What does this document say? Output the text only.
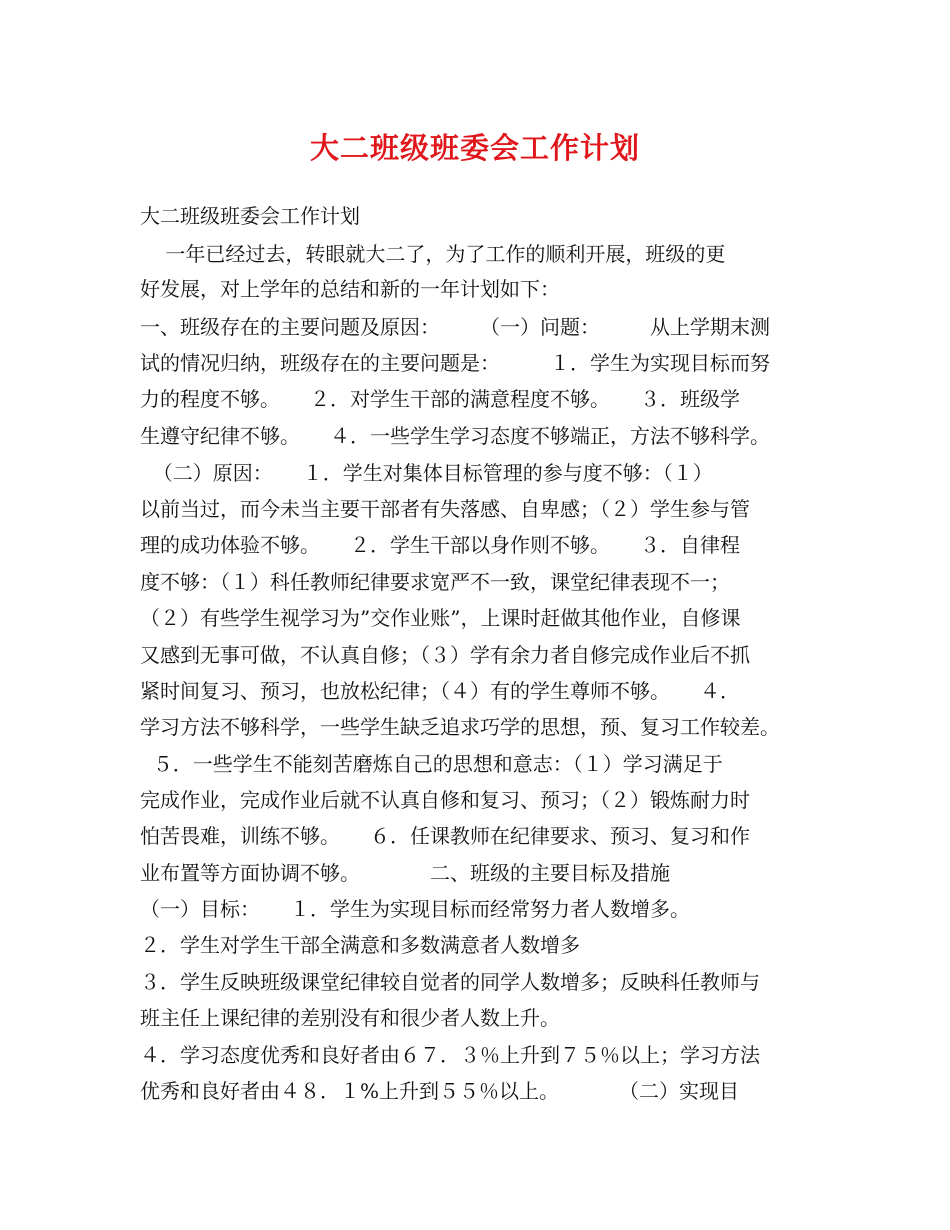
大二班级班委会工作计划
大二班级班委会工作计划
一年已经过去，转眼就大二了，为了工作的顺利开展，班级的更
好发展，对上学年的总结和新的一年计划如下：
一、班级存在的主要问题及原因：　　　（一）问题：　　　从上学期末测
试的情况归纳，班级存在的主要问题是：　　　１．学生为实现目标而努
力的程度不够。　　２．对学生干部的满意程度不够。　　３．班级学
生遵守纪律不够。　　４．一些学生学习态度不够端正，方法不够科学。
（二）原因：　　１．学生对集体目标管理的参与度不够：（１）
以前当过，而今未当主要干部者有失落感、自卑感；（２）学生参与管
理的成功体验不够。　　２．学生干部以身作则不够。　　３．自律程
度不够：（１）科任教师纪律要求宽严不一致，课堂纪律表现不一；
（２）有些学生视学习为”交作业账”，上课时赶做其他作业，自修课
又感到无事可做，不认真自修；（３）学有余力者自修完成作业后不抓
紧时间复习、预习，也放松纪律；（４）有的学生尊师不够。　　４．
学习方法不够科学，一些学生缺乏追求巧学的思想，预、复习工作较差。
５．一些学生不能刻苦磨炼自己的思想和意志：（１）学习满足于
完成作业，完成作业后就不认真自修和复习、预习；（２）锻炼耐力时
怕苦畏难，训练不够。　　６．任课教师在纪律要求、预习、复习和作
业布置等方面协调不够。　　　　二、班级的主要目标及措施
（一）目标：　　１．学生为实现目标而经常努力者人数增多。
２．学生对学生干部全满意和多数满意者人数增多
３．学生反映班级课堂纪律较自觉者的同学人数增多；反映科任教师与
班主任上课纪律的差别没有和很少者人数上升。
４．学习态度优秀和良好者由６７．３％上升到７５％以上；学习方法
优秀和良好者由４８．１%上升到５５％以上。　　　　（二）实现目
